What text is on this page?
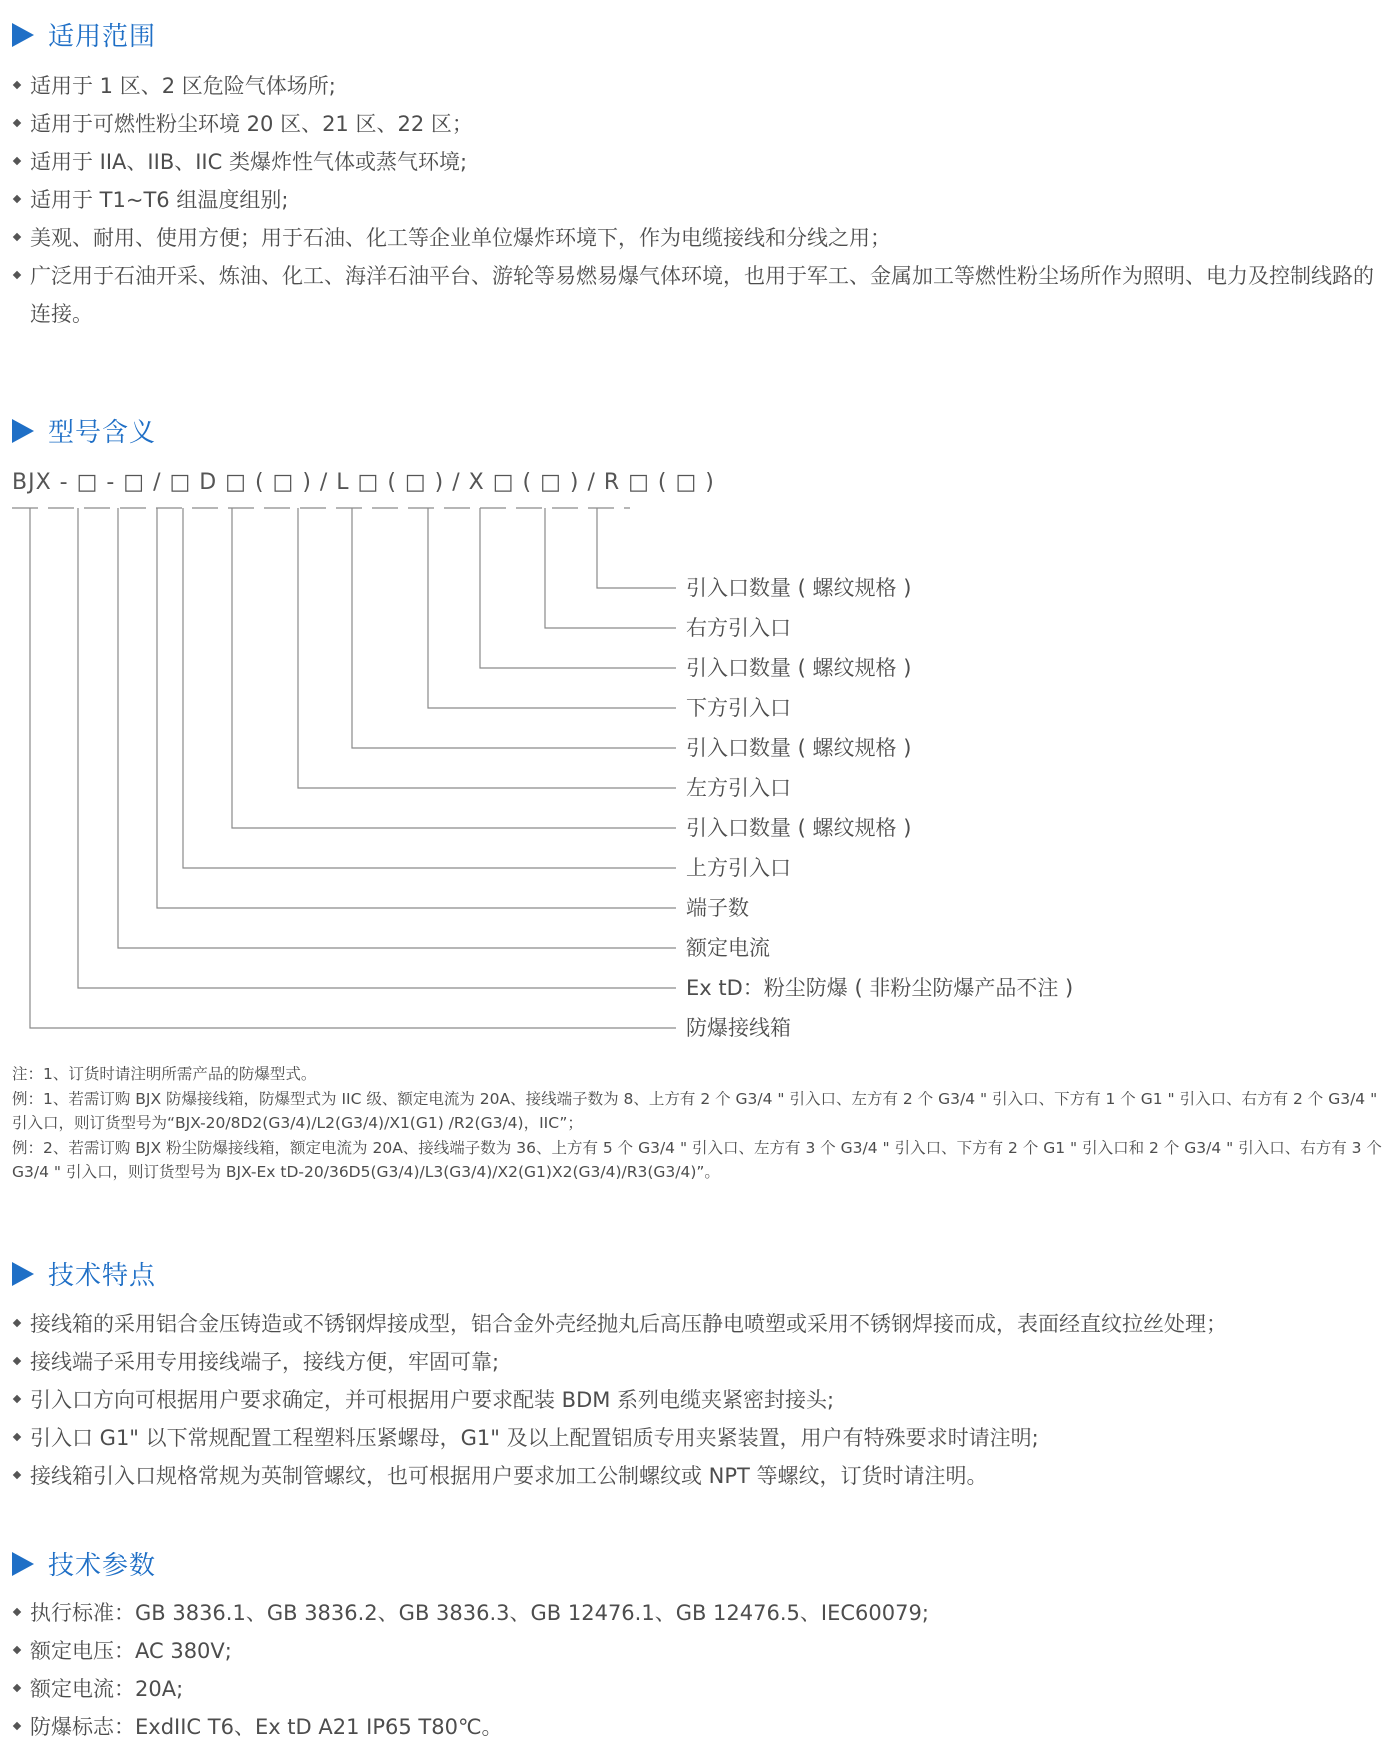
适用范围
适用于 1 区、2 区危险气体场所;
适用于可燃性粉尘环境 20 区、21 区、22 区；
适用于 IIA、IIB、IIC 类爆炸性气体或蒸气环境;
适用于 T1~T6 组温度组别;
美观、耐用、使用方便；用于石油、化工等企业单位爆炸环境下，作为电缆接线和分线之用；
广泛用于石油开采、炼油、化工、海洋石油平台、游轮等易燃易爆气体环境，也用于军工、金属加工等燃性粉尘场所作为照明、电力及控制线路的连接。
型号含义
BJX - □ - □ / □ D □ ( □ ) / L □ ( □ ) / X □ ( □ ) / R □ ( □ )
引入口数量 ( 螺纹规格 )
右方引入口
引入口数量 ( 螺纹规格 )
下方引入口
引入口数量 ( 螺纹规格 )
左方引入口
引入口数量 ( 螺纹规格 )
上方引入口
端子数
额定电流
Ex tD：粉尘防爆 ( 非粉尘防爆产品不注 )
防爆接线箱

注：1、订货时请注明所需产品的防爆型式。

例：1、若需订购 BJX 防爆接线箱，防爆型式为 IIC 级、额定电流为 20A、接线端子数为 8、上方有 2 个 G3/4 " 引入口、左方有 2 个 G3/4 " 引入口、下方有 1 个 G1 " 引入口、右方有 2 个 G3/4 " 引入口，则订货型号为“BJX-20/8D2(G3/4)/L2(G3/4)/X1(G1) /R2(G3/4)，IIC”；

例：2、若需订购 BJX 粉尘防爆接线箱，额定电流为 20A、接线端子数为 36、上方有 5 个 G3/4 " 引入口、左方有 3 个 G3/4 " 引入口、下方有 2 个 G1 " 引入口和 2 个 G3/4 " 引入口、右方有 3 个 G3/4 " 引入口，则订货型号为 BJX-Ex tD-20/36D5(G3/4)/L3(G3/4)/X2(G1)X2(G3/4)/R3(G3/4)”。

技术特点
接线箱的采用铝合金压铸造或不锈钢焊接成型，铝合金外壳经抛丸后高压静电喷塑或采用不锈钢焊接而成，表面经直纹拉丝处理；
接线端子采用专用接线端子，接线方便，牢固可靠;
引入口方向可根据用户要求确定，并可根据用户要求配装 BDM 系列电缆夹紧密封接头;
引入口 G1" 以下常规配置工程塑料压紧螺母，G1" 及以上配置铝质专用夹紧装置，用户有特殊要求时请注明;
接线箱引入口规格常规为英制管螺纹，也可根据用户要求加工公制螺纹或 NPT 等螺纹，订货时请注明。
技术参数
执行标准：GB 3836.1、GB 3836.2、GB 3836.3、GB 12476.1、GB 12476.5、IEC60079;
额定电压：AC 380V;
额定电流：20A;
防爆标志：ExdIIC T6、Ex tD A21 IP65 T80℃。
